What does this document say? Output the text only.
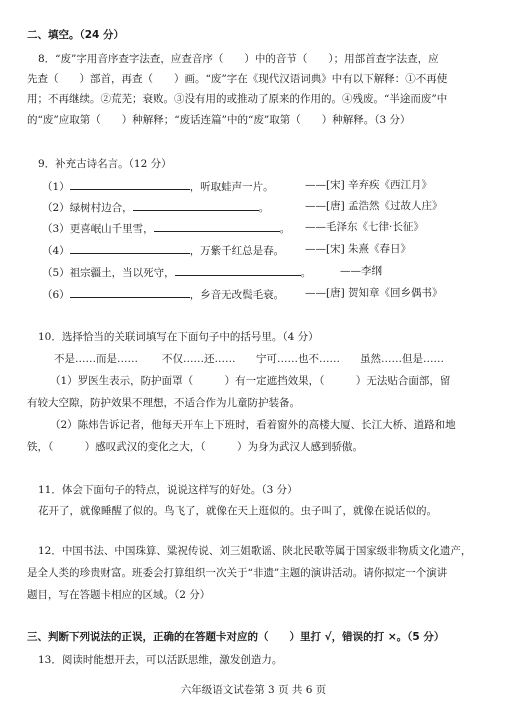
二、填空。（24 分）
8．“废”字用音序查字法查，应查音序（　　）中的音节（　　）；用部首查字法查，应
先查（　　）部首，再查（　　）画。“废”字在《现代汉语词典》中有以下解释：①不再使
用；不再继续。②荒芜；衰败。③没有用的或推动了原来的作用的。④残废。“半途而废”中
的“废”应取第（　　）种解释；“废话连篇”中的“废”取第（　　）种解释。（3 分）
9．补充古诗名言。（12 分）
（1）	，听取蛙声一片。	——[宋] 辛弃疾《西江月》
（2）绿树村边合，	。	——[唐] 孟浩然《过故人庄》
（3）更喜岷山千里雪，	。 ——毛泽东《七律·长征》
（4）	，万紫千红总是春。 ——[宋] 朱熹《春日》
（5）祖宗疆土，当以死守，	。	——李纲
（6）	，乡音无改鬓毛衰。 ——[唐] 贺知章《回乡偶书》
10．选择恰当的关联词填写在下面句子中的括号里。（4 分）
不是……而是…… 不仅……还…… 宁可……也不…… 虽然……但是……
（1）罗医生表示，防护面罩（　　　）有一定遮挡效果，（　　　）无法贴合面部，留
有较大空隙，防护效果不理想，不适合作为儿童防护装备。
（2）陈炜告诉记者，他每天开车上下班时，看着窗外的高楼大厦、长江大桥、道路和地
铁，（　　　）感叹武汉的变化之大，（　　　）为身为武汉人感到骄傲。
11．体会下面句子的特点，说说这样写的好处。（3 分）
花开了，就像睡醒了似的。鸟飞了，就像在天上逛似的。虫子叫了，就像在说话似的。
12．中国书法、中国珠算、粱祝传说、刘三姐歌谣、陕北民歌等属于国家级非物质文化遗产，
是全人类的珍贵财富。班委会打算组织一次关于“非遗”主题的演讲活动。请你拟定一个演讲
题目，写在答题卡相应的区域。（2 分）
三、判断下列说法的正误，正确的在答题卡对应的（　　）里打 √，错误的打 ×。（5 分）
13．阅读时能想开去，可以活跃思维，激发创造力。
六年级语文试卷第 3 页 共 6 页
